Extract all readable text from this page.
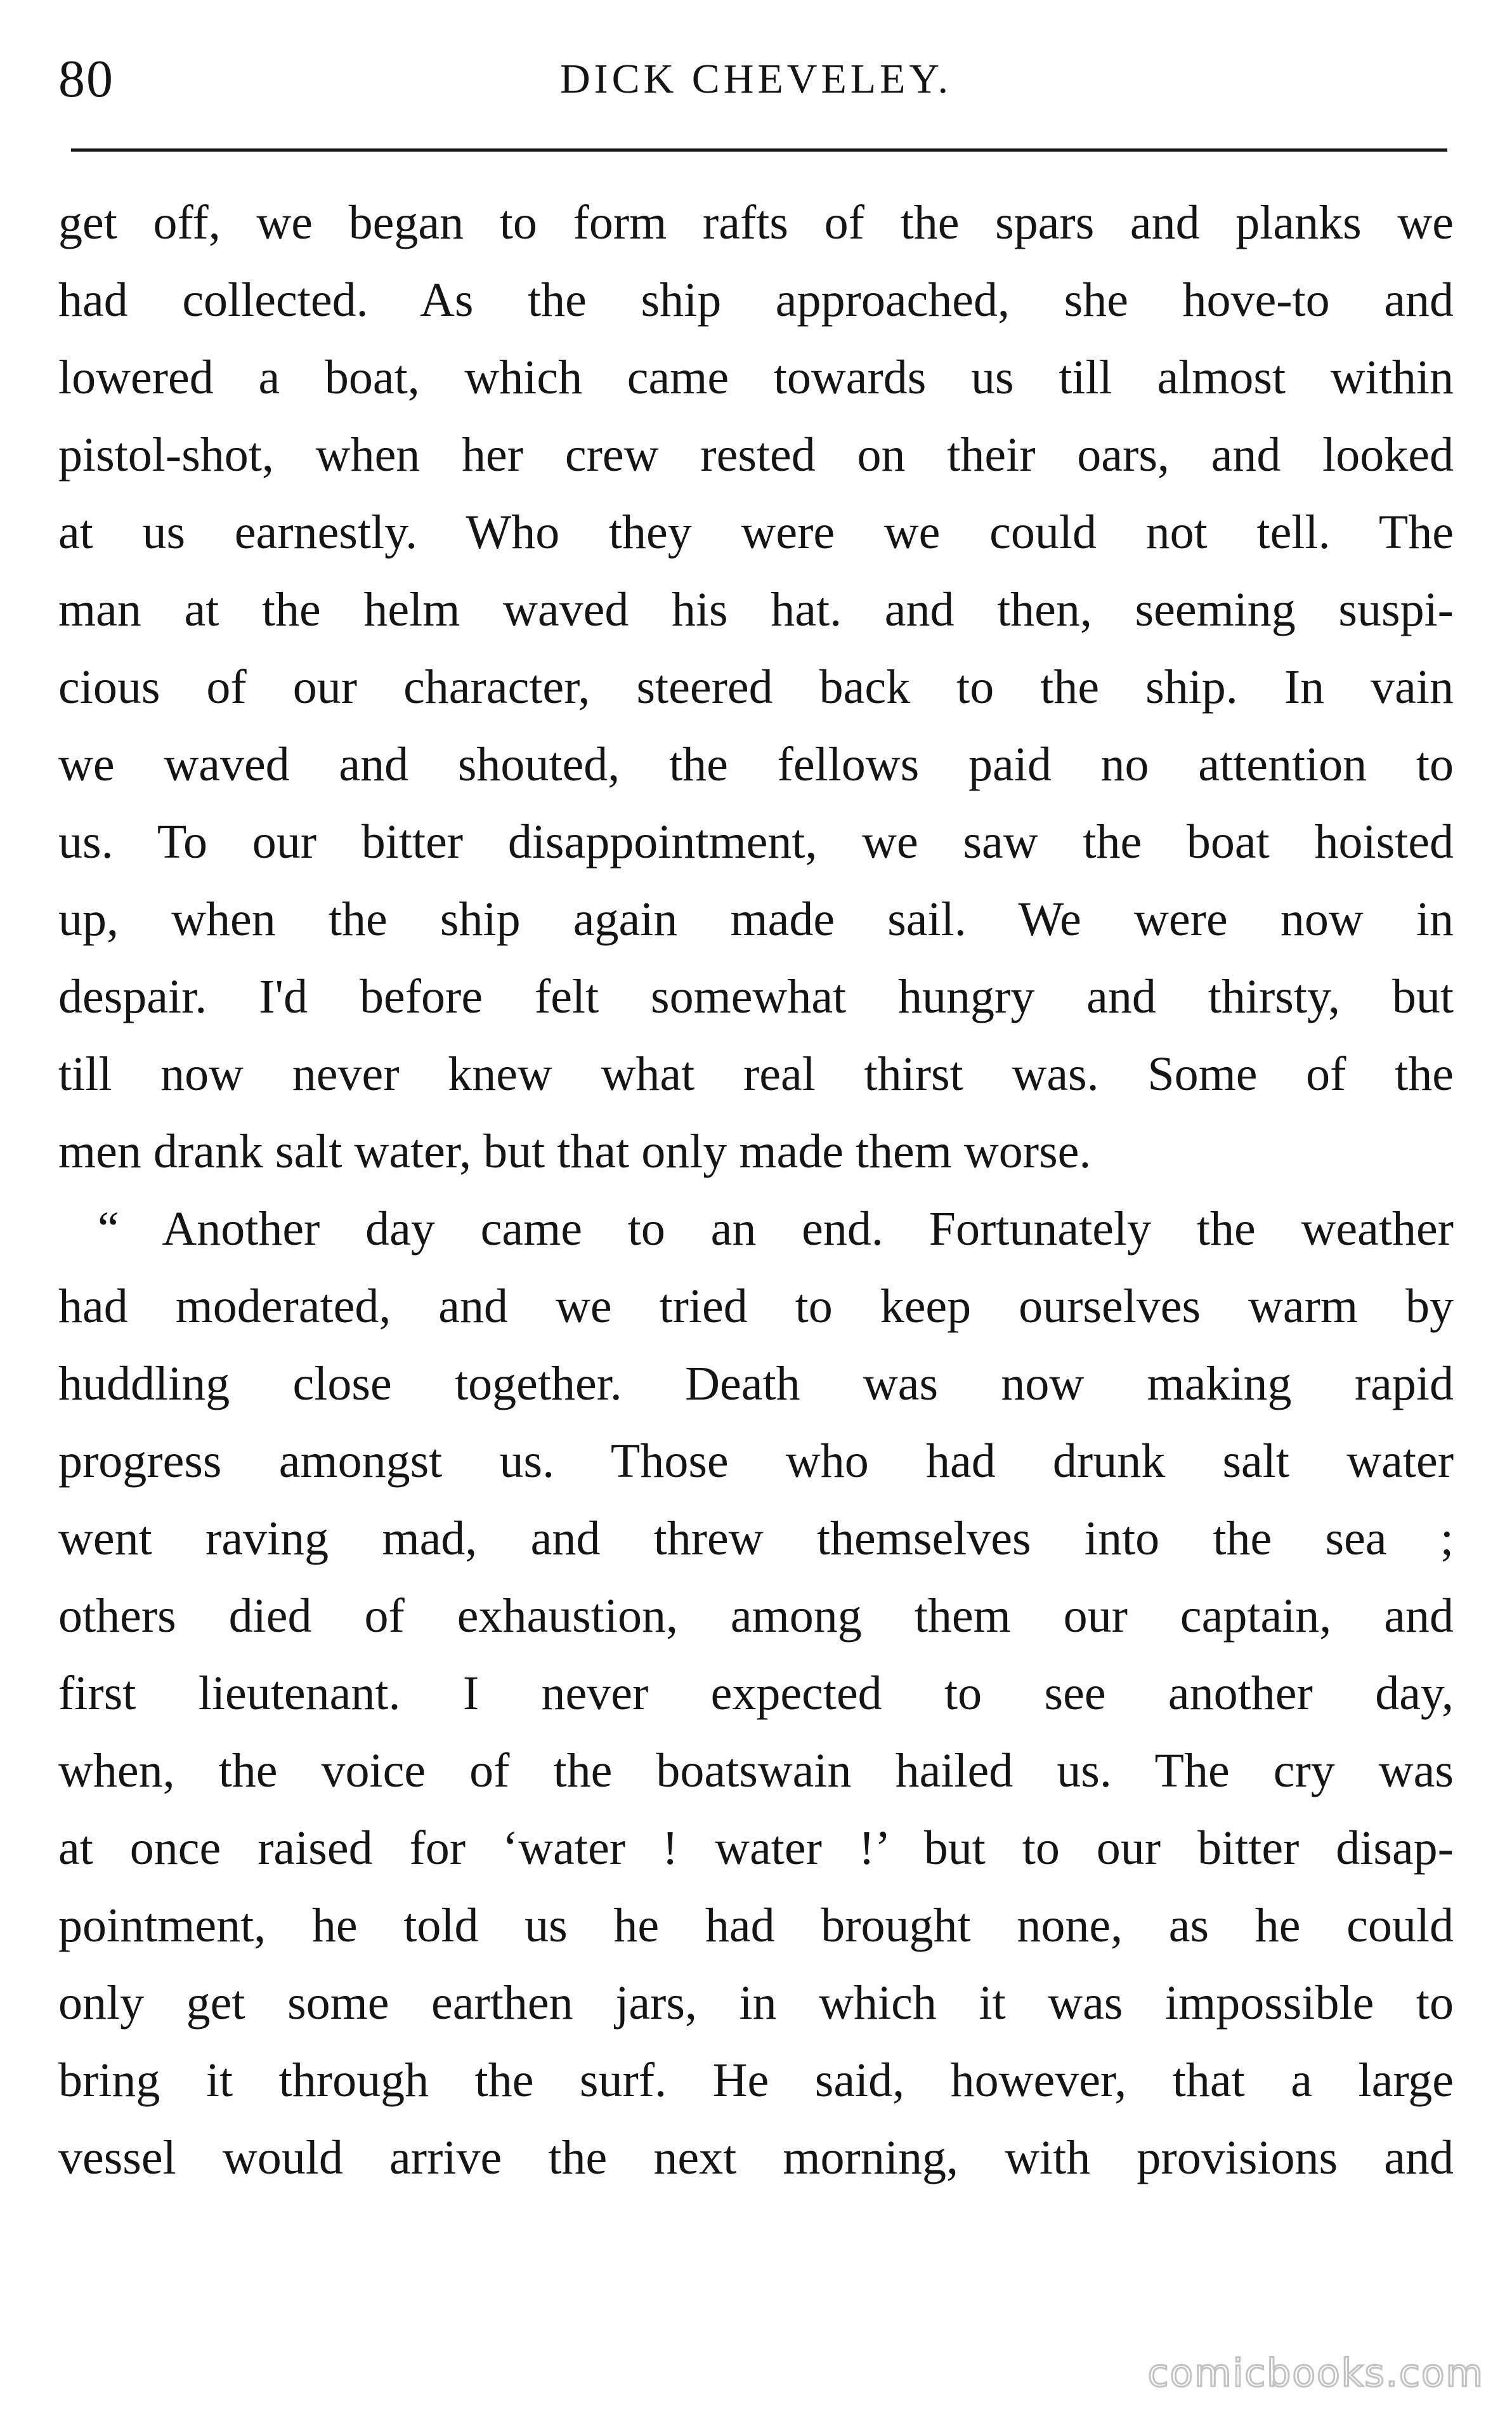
80	DICK CHEVELEY.
get off, we began to form rafts of the spars and planks we
had collected. As the ship approached, she hove-to and
lowered a boat, which came towards us till almost within
pistol-shot, when her crew rested on their oars, and looked
at us earnestly. Who they were we could not tell. The
man at the helm waved his hat. and then, seeming suspi-
cious of our character, steered back to the ship. In vain
we waved and shouted, the fellows paid no attention to
us. To our bitter disappointment, we saw the boat hoisted
up, when the ship again made sail. We were now in
despair. I'd before felt somewhat hungry and thirsty, but
till now never knew what real thirst was. Some of the
men drank salt water, but that only made them worse.
“ Another day came to an end. Fortunately the weather
had moderated, and we tried to keep ourselves warm by
huddling close together. Death was now making rapid
progress amongst us. Those who had drunk salt water
went raving mad, and threw themselves into the sea ;
others died of exhaustion, among them our captain, and
first lieutenant. I never expected to see another day,
when, the voice of the boatswain hailed us. The cry was
at once raised for ‘water ! water !’ but to our bitter disap-
pointment, he told us he had brought none, as he could
only get some earthen jars, in which it was impossible to
bring it through the surf. He said, however, that a large
vessel would arrive the next morning, with provisions and
comicbooks.com
